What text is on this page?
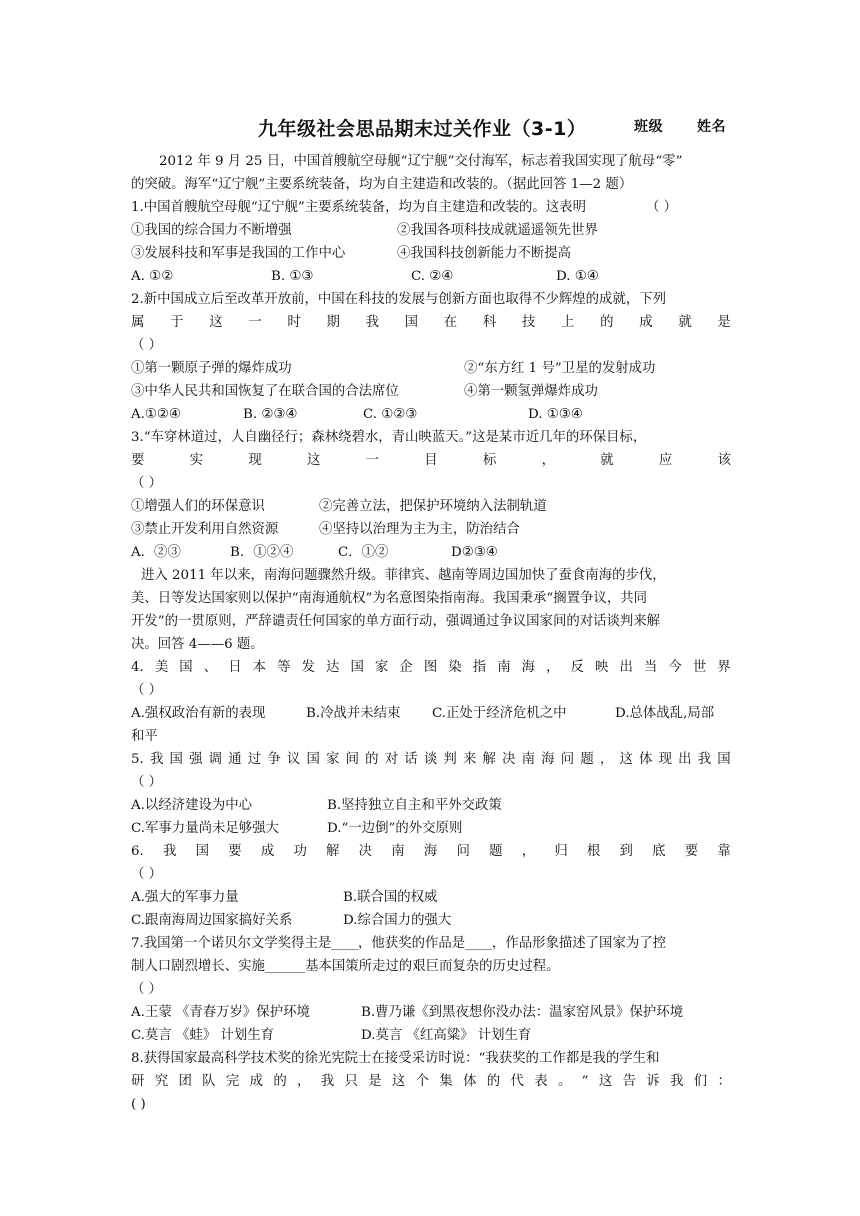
九年级社会思品期末过关作业（3-1）	班级 姓名
2012 年 9 月 25 日，中国首艘航空母舰“辽宁舰”交付海军，标志着我国实现了航母“零”
的突破。海军“辽宁舰”主要系统装备，均为自主建造和改装的。（据此回答 1—2 题）
1.中国首艘航空母舰“辽宁舰”主要系统装备，均为自主建造和改装的。这表明	（ ）
①我国的综合国力不断增强	②我国各项科技成就遥遥领先世界
③发展科技和军事是我国的工作中心	④我国科技创新能力不断提高
A. ①②	B. ①③	C. ②④	D. ①④
2.新中国成立后至改革开放前，中国在科技的发展与创新方面也取得不少辉煌的成就，下列
属 于 这 一 时 期 我 国 在 科 技 上 的 成 就 是
（ ）
①第一颗原子弹的爆炸成功	②“东方红 1 号”卫星的发射成功
③中华人民共和国恢复了在联合国的合法席位	④第一颗氢弹爆炸成功
A.①②④	B. ②③④	C. ①②③	D. ①③④
3.“车穿林道过，人自幽径行；森林绕碧水，青山映蓝天。”这是某市近几年的环保目标，
要	实	现	这	一	目	标	，	就	应	该
（ ）
①增强人们的环保意识	②完善立法，把保护环境纳入法制轨道
③禁止开发利用自然资源	④坚持以治理为主为主，防治结合
A．②③	B．①②④	C．①②	D②③④
进入 2011 年以来，南海问题骤然升级。菲律宾、越南等周边国加快了蚕食南海的步伐，
美、日等发达国家则以保护“南海通航权”为名意图染指南海。我国秉承“搁置争议，共同
开发”的一贯原则，严辞谴责任何国家的单方面行动，强调通过争议国家间的对话谈判来解
决。回答 4——6 题。
4. 美 国 、 日 本 等 发 达 国 家 企 图 染 指 南 海 ， 反 映 出 当 今 世 界
（ ）
A.强权政治有新的表现	B.冷战并未结束	C.正处于经济危机之中	D.总体战乱,局部
和平
5. 我 国 强 调 通 过 争 议 国 家 间 的 对 话 谈 判 来 解 决 南 海 问 题 ， 这 体 现 出 我 国
（ ）
A.以经济建设为中心	B.坚持独立自主和平外交政策
C.军事力量尚未足够强大	D.“一边倒”的外交原则
6. 我 国 要 成 功 解 决 南 海 问 题 ， 归 根 到 底 要 靠
（ ）
A.强大的军事力量	B.联合国的权威
C.跟南海周边国家搞好关系	D.综合国力的强大
7.我国第一个诺贝尔文学奖得主是____，他获奖的作品是____，作品形象描述了国家为了控
制人口剧烈增长、实施______基本国策所走过的艰巨而复杂的历史过程。
（ ）
A.王蒙 《青春万岁》保护环境	B.曹乃谦《到黑夜想你没办法：温家窑风景》保护环境
C.莫言 《蛙》 计划生育	D.莫言 《红高粱》 计划生育
8.获得国家最高科学技术奖的徐光宪院士在接受采访时说：“我获奖的工作都是我的学生和
研 究 团 队 完 成 的 ， 我 只 是 这 个 集 体 的 代 表 。 ” 这 告 诉 我 们 ：
( )
